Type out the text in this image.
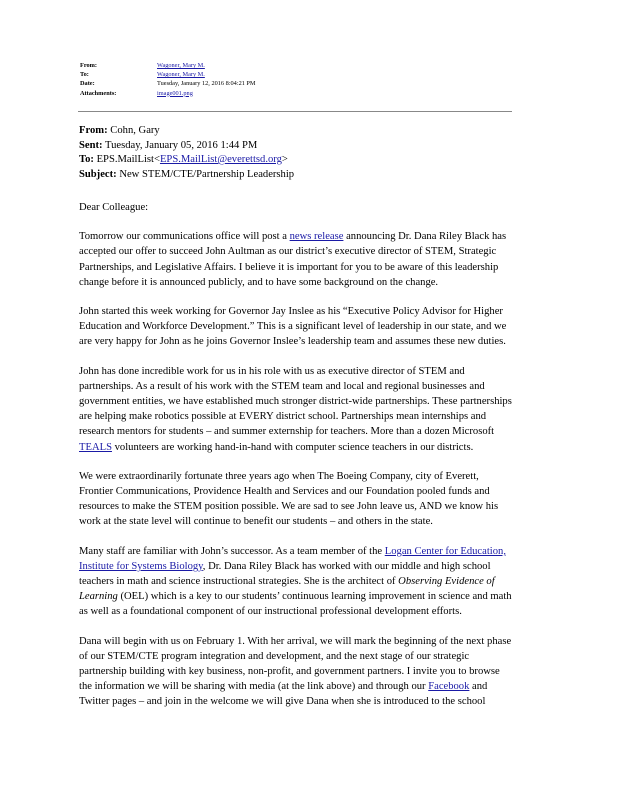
From:	Wagoner, Mary M.
To:	Wagoner, Mary M.
Date:	Tuesday, January 12, 2016 8:04:21 PM
Attachments:	image001.png
From: Cohn, Gary
Sent: Tuesday, January 05, 2016 1:44 PM
To: EPS.MailList<EPS.MailList@everettsd.org>
Subject: New STEM/CTE/Partnership Leadership

Dear Colleague:

Tomorrow our communications office will post a news release announcing Dr. Dana Riley Black has accepted our offer to succeed John Aultman as our district’s executive director of STEM, Strategic Partnerships, and Legislative Affairs. I believe it is important for you to be aware of this leadership change before it is announced publicly, and to have some background on the change.

John started this week working for Governor Jay Inslee as his “Executive Policy Advisor for Higher Education and Workforce Development.” This is a significant level of leadership in our state, and we are very happy for John as he joins Governor Inslee’s leadership team and assumes these new duties.

John has done incredible work for us in his role with us as executive director of STEM and partnerships. As a result of his work with the STEM team and local and regional businesses and government entities, we have established much stronger district-wide partnerships. These partnerships are helping make robotics possible at EVERY district school. Partnerships mean internships and research mentors for students – and summer externship for teachers. More than a dozen Microsoft TEALS volunteers are working hand-in-hand with computer science teachers in our districts.

We were extraordinarily fortunate three years ago when The Boeing Company, city of Everett, Frontier Communications, Providence Health and Services and our Foundation pooled funds and resources to make the STEM position possible. We are sad to see John leave us, AND we know his work at the state level will continue to benefit our students – and others in the state.

Many staff are familiar with John’s successor. As a team member of the Logan Center for Education, Institute for Systems Biology, Dr. Dana Riley Black has worked with our middle and high school teachers in math and science instructional strategies. She is the architect of Observing Evidence of Learning (OEL) which is a key to our students’ continuous learning improvement in science and math as well as a foundational component of our instructional professional development efforts.

Dana will begin with us on February 1. With her arrival, we will mark the beginning of the next phase of our STEM/CTE program integration and development, and the next stage of our strategic partnership building with key business, non-profit, and government partners. I invite you to browse the information we will be sharing with media (at the link above) and through our Facebook and Twitter pages – and join in the welcome we will give Dana when she is introduced to the school
